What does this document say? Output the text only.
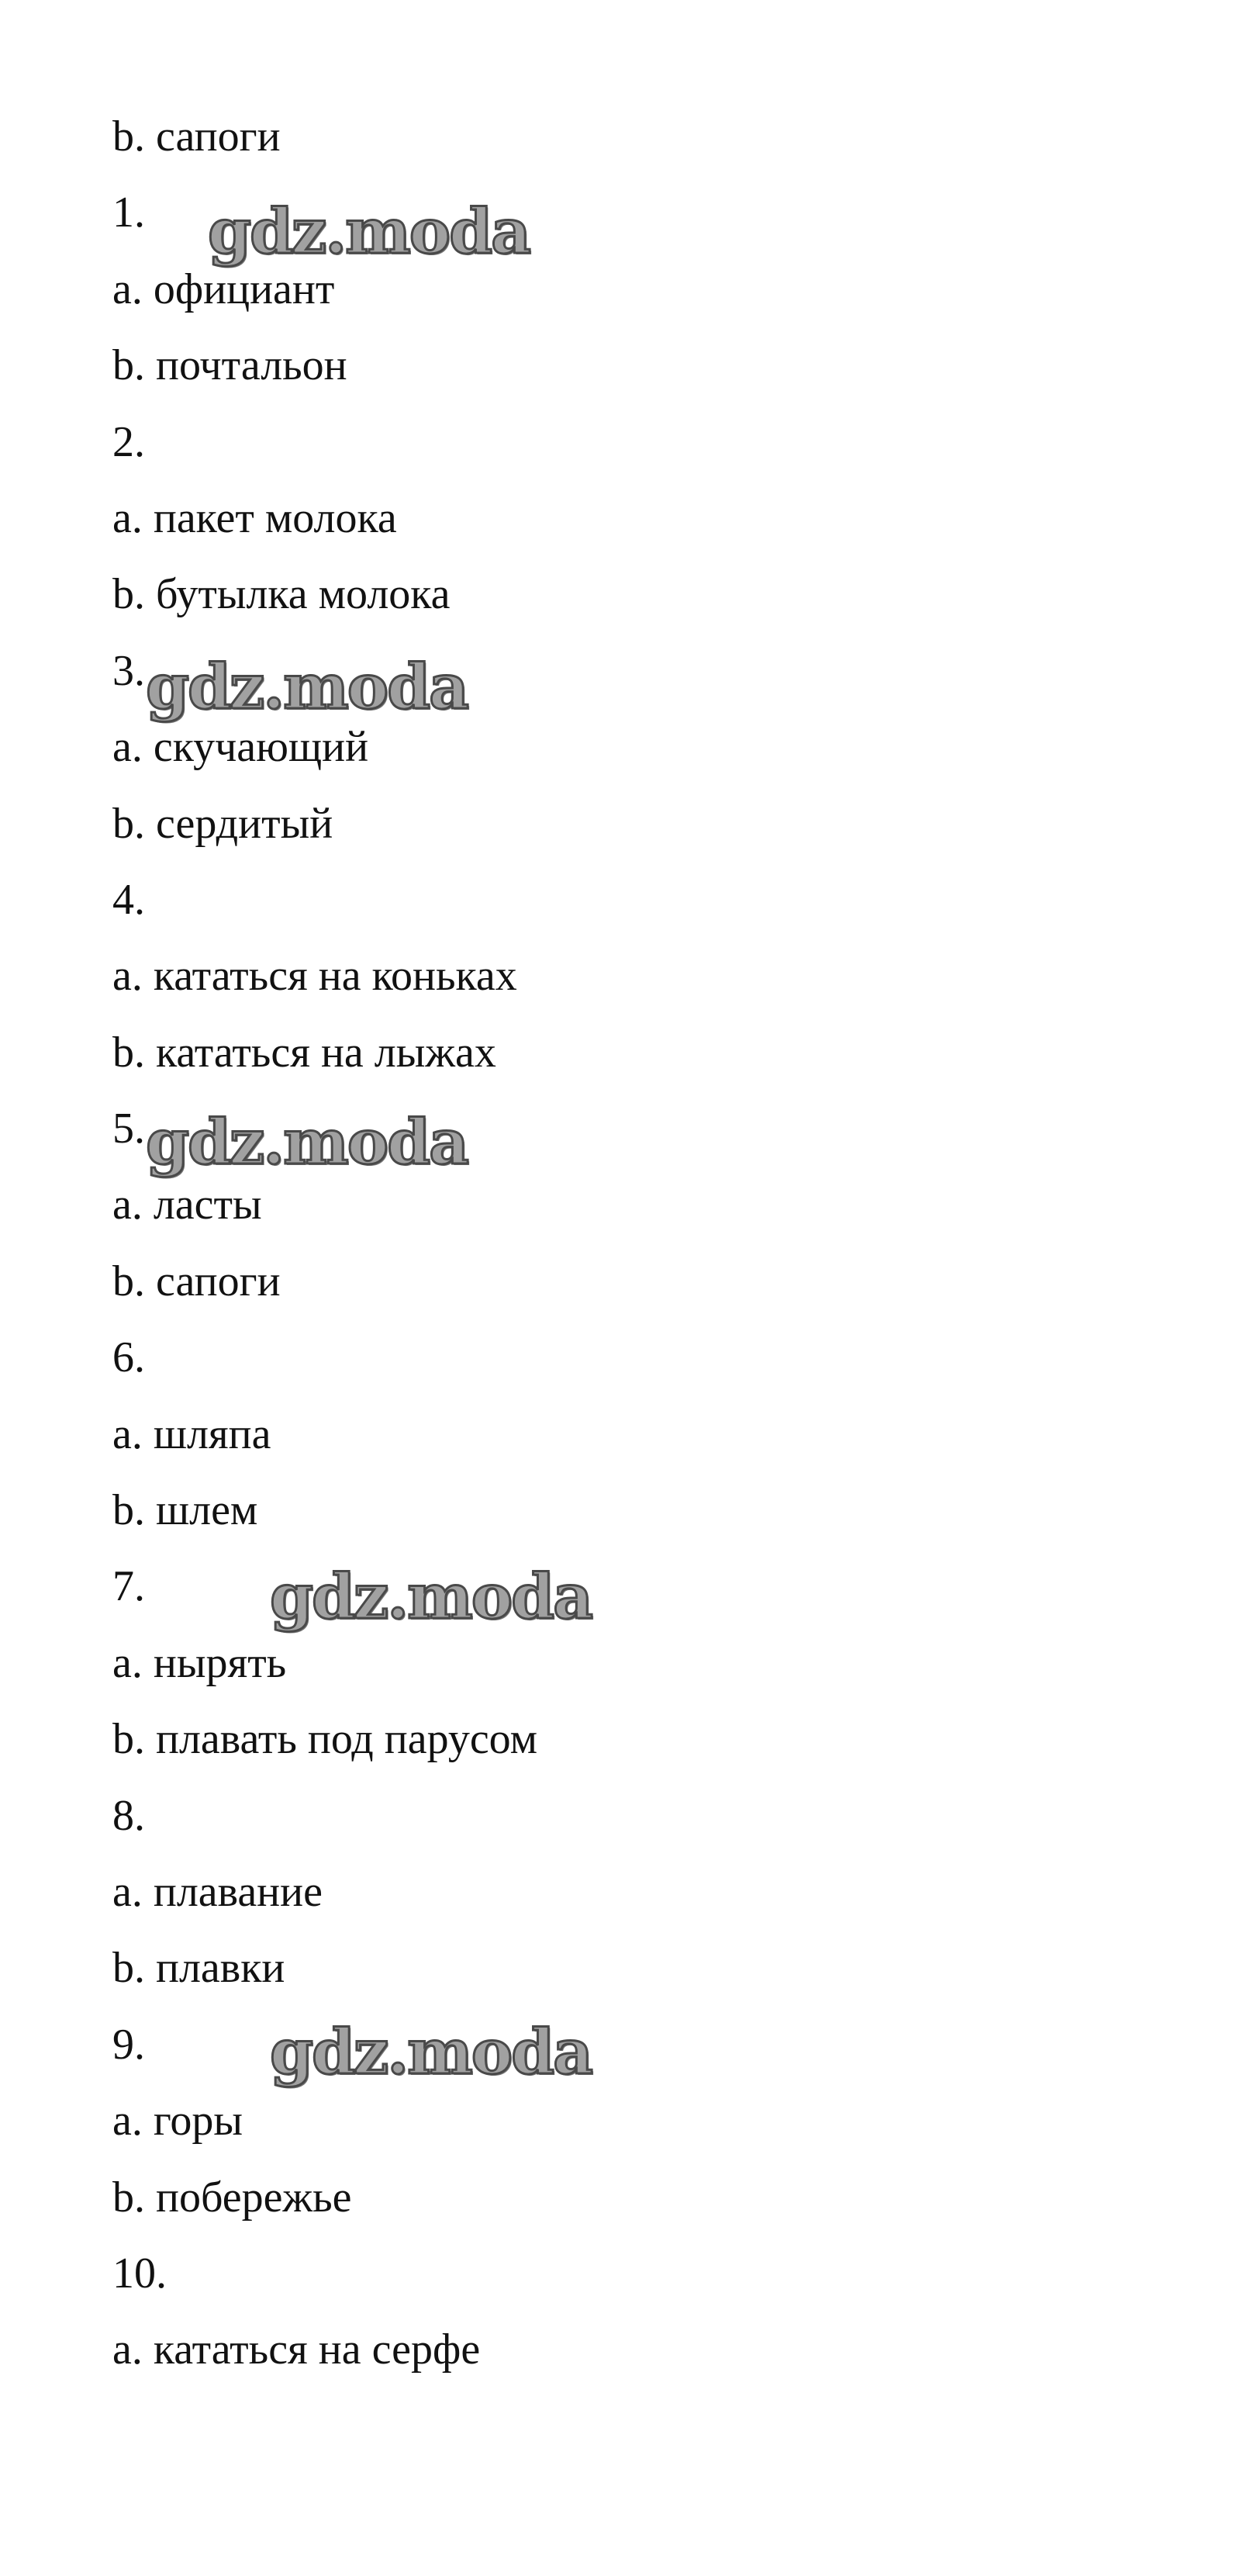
b. сапоги
1.
a. официант
b. почтальон
2.
a. пакет молока
b. бутылка молока
3.
a. скучающий
b. сердитый
4.
a. кататься на коньках
b. кататься на лыжах
5.
a. ласты
b. сапоги
6.
a. шляпа
b. шлем
7.
a. нырять
b. плавать под парусом
8.
a. плавание
b. плавки
9.
a. горы
b. побережье
10.
a. кататься на серфе
gdz.moda
gdz.moda
gdz.moda
gdz.moda
gdz.moda
